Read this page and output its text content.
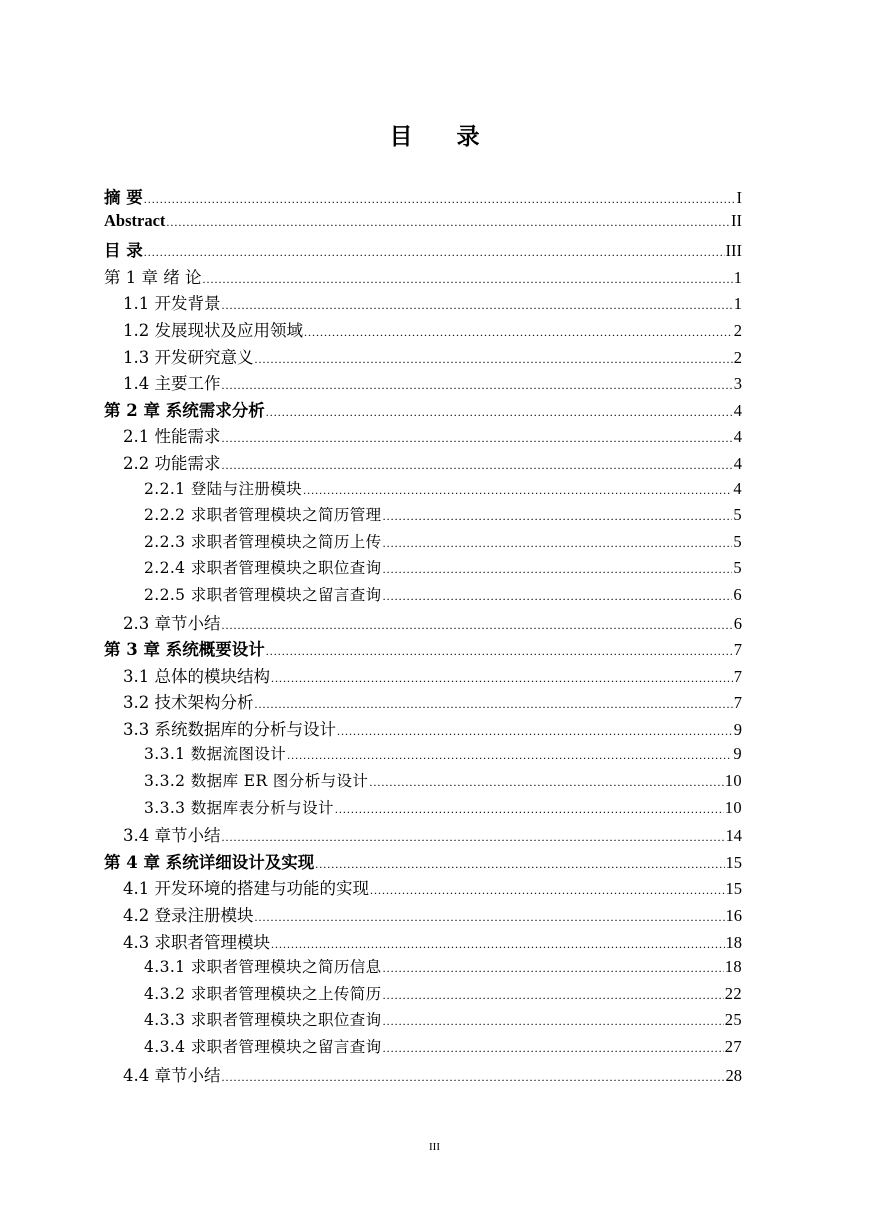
目 录
摘 要 .....	I
Abstract .....	II
目 录 .....	III
第 1 章 绪 论 .....	1
1.1 开发背景 .....	1
1.2 发展现状及应用领域 .....	2
1.3 开发研究意义 .....	2
1.4 主要工作 .....	3
第 2 章 系统需求分析 .....	4
2.1 性能需求 .....	4
2.2 功能需求 .....	4
2.2.1 登陆与注册模块 .....	4
2.2.2 求职者管理模块之简历管理 .....	5
2.2.3 求职者管理模块之简历上传 .....	5
2.2.4 求职者管理模块之职位查询 .....	5
2.2.5 求职者管理模块之留言查询 .....	6
2.3 章节小结 .....	6
第 3 章 系统概要设计 .....	7
3.1 总体的模块结构 .....	7
3.2 技术架构分析 .....	7
3.3 系统数据库的分析与设计 .....	9
3.3.1 数据流图设计 .....	9
3.3.2 数据库 ER 图分析与设计 .....	10
3.3.3 数据库表分析与设计 .....	10
3.4 章节小结 .....	14
第 4 章 系统详细设计及实现 .....	15
4.1 开发环境的搭建与功能的实现 .....	15
4.2 登录注册模块 .....	16
4.3 求职者管理模块 .....	18
4.3.1 求职者管理模块之简历信息 .....	18
4.3.2 求职者管理模块之上传简历 .....	22
4.3.3 求职者管理模块之职位查询 .....	25
4.3.4 求职者管理模块之留言查询 .....	27
4.4 章节小结 .....	28
III
